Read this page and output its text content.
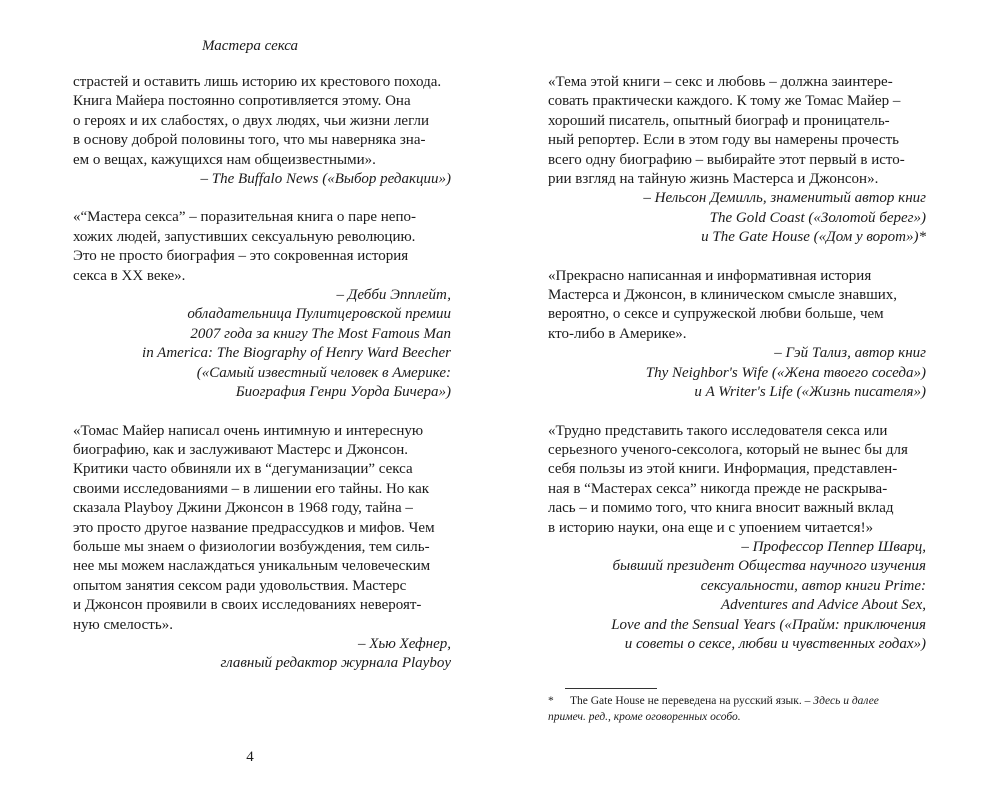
Мастера секса

страстей и оставить лишь историю их крестового похода.

Книга Майера постоянно сопротивляется этому. Она

о героях и их слабостях, о двух людях, чьи жизни легли

в основу доброй половины того, что мы наверняка зна-

ем о вещах, кажущихся нам общеизвестными».

– The Buffalo News («Выбор редакции»)

«“Мастера секса” – поразительная книга о паре непо-

хожих людей, запустивших сексуальную революцию.

Это не просто биография – это сокровенная история

секса в XX веке».

– Дебби Эпплейт,

обладательница Пулитцеровской премии

2007 года за книгу The Most Famous Man

in America: The Biography of Henry Ward Beecher

(«Самый известный человек в Америке:

Биография Генри Уорда Бичера»)

«Томас Майер написал очень интимную и интересную

биографию, как и заслуживают Мастерс и Джонсон.

Критики часто обвиняли их в “дегуманизации” секса

своими исследованиями – в лишении его тайны. Но как

сказала Playboy Джини Джонсон в 1968 году, тайна –

это просто другое название предрассудков и мифов. Чем

больше мы знаем о физиологии возбуждения, тем силь-

нее мы можем наслаждаться уникальным человеческим

опытом занятия сексом ради удовольствия. Мастерс

и Джонсон проявили в своих исследованиях невероят-

ную смелость».

– Хью Хефнер,

главный редактор журнала Playboy

4

«Тема этой книги – секс и любовь – должна заинтере-

совать практически каждого. К тому же Томас Майер –

хороший писатель, опытный биограф и проницатель-

ный репортер. Если в этом году вы намерены прочесть

всего одну биографию – выбирайте этот первый в исто-

рии взгляд на тайную жизнь Мастерса и Джонсон».

– Нельсон Демилль, знаменитый автор книг

The Gold Coast («Золотой берег»)

и The Gate House («Дом у ворот»)*

«Прекрасно написанная и информативная история

Мастерса и Джонсон, в клиническом смысле знавших,

вероятно, о сексе и супружеской любви больше, чем

кто-либо в Америке».

– Гэй Тализ, автор книг

Thy Neighbor's Wife («Жена твоего соседа»)

и A Writer's Life («Жизнь писателя»)

«Трудно представить такого исследователя секса или

серьезного ученого-сексолога, который не вынес бы для

себя пользы из этой книги. Информация, представлен-

ная в “Мастерах секса” никогда прежде не раскрыва-

лась – и помимо того, что книга вносит важный вклад

в историю науки, она еще и с упоением читается!»

– Профессор Пеппер Шварц,

бывший президент Общества научного изучения

сексуальности, автор книги Prime:

Adventures and Advice About Sex,

Love and the Sensual Years («Прайм: приключения

и советы о сексе, любви и чувственных годах»)

* The Gate House не переведена на русский язык. – Здесь и далее
примеч. ред., кроме оговоренных особо.
